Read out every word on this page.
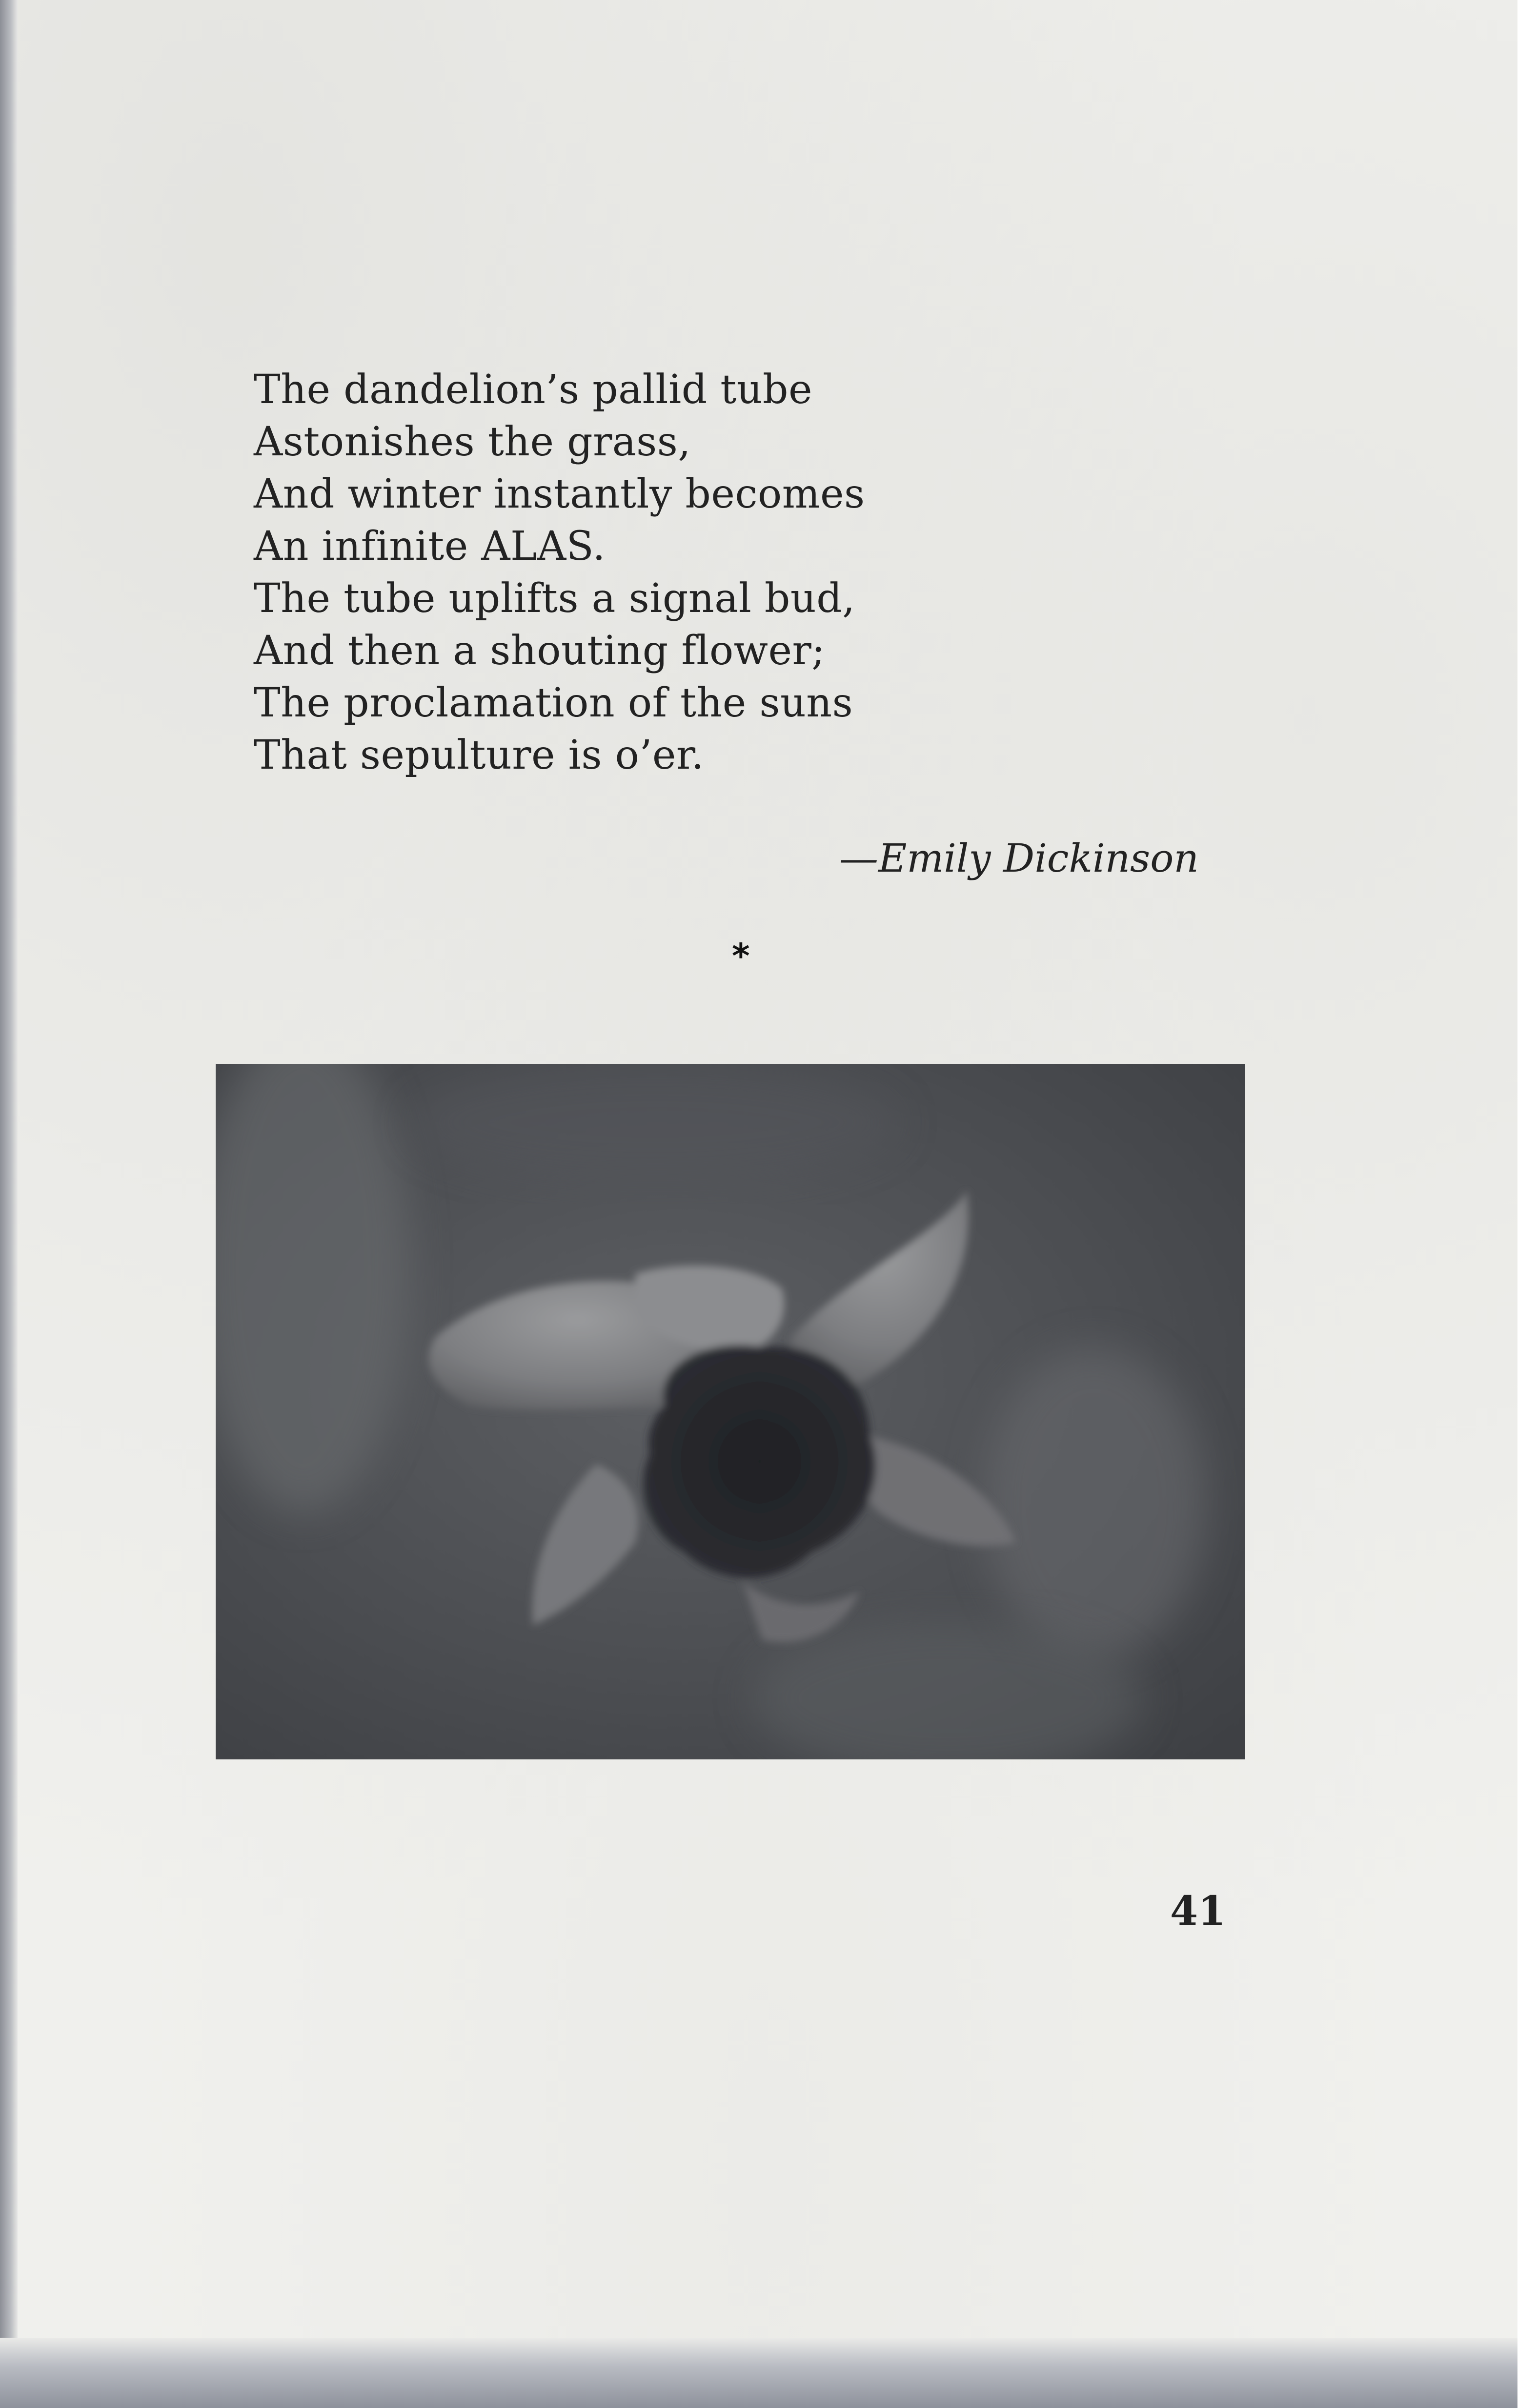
The dandelion’s pallid tube
Astonishes the grass,
And winter instantly becomes
An infinite ALAS.
The tube uplifts a signal bud,
And then a shouting flower;
The proclamation of the suns
That sepulture is o’er.
—Emily Dickinson
*
41
